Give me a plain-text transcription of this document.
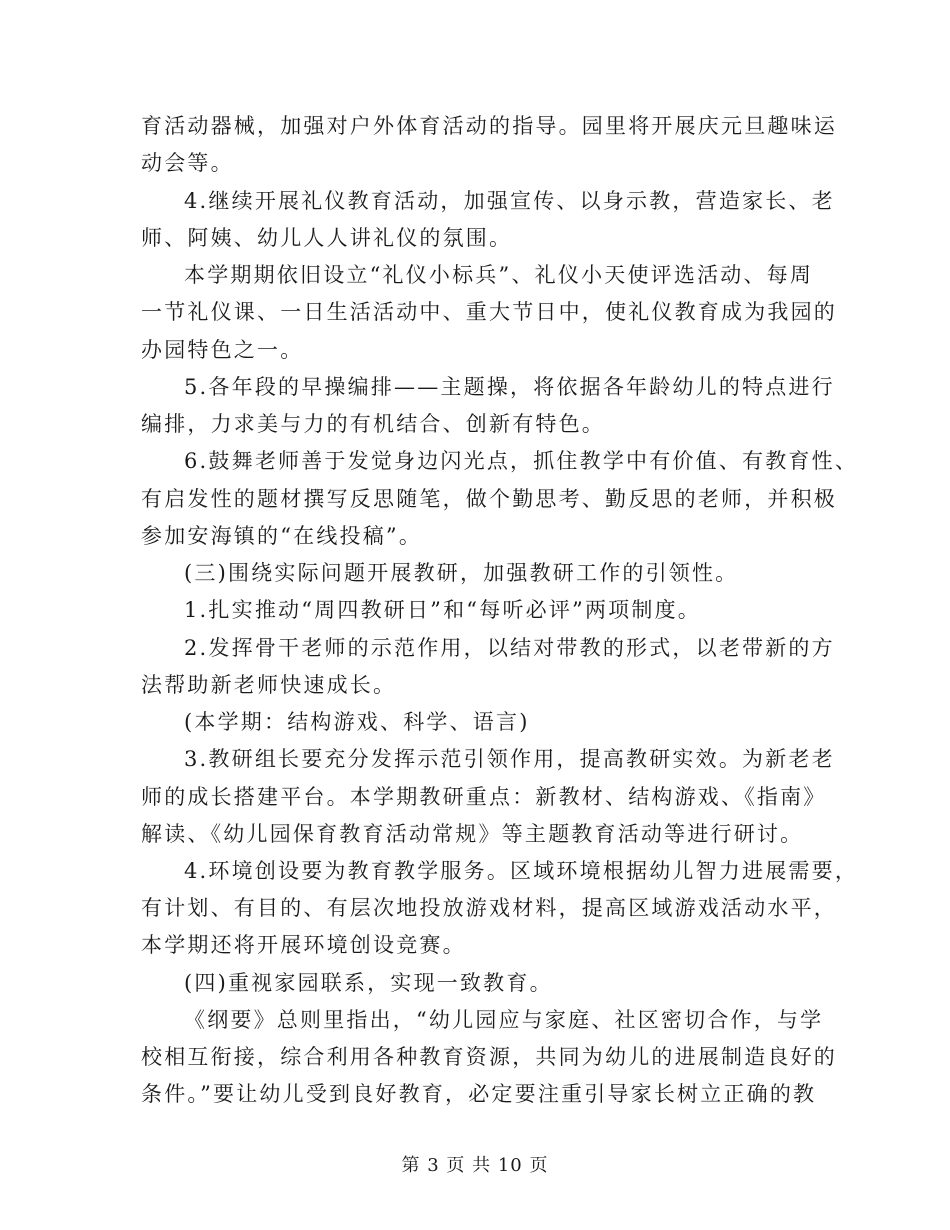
育活动器械，加强对户外体育活动的指导。园里将开展庆元旦趣味运
动会等。
4.继续开展礼仪教育活动，加强宣传、以身示教，营造家长、老
师、阿姨、幼儿人人讲礼仪的氛围。
本学期期依旧设立“礼仪小标兵”、礼仪小天使评选活动、每周
一节礼仪课、一日生活活动中、重大节日中，使礼仪教育成为我园的
办园特色之一。
5.各年段的早操编排——主题操，将依据各年龄幼儿的特点进行
编排，力求美与力的有机结合、创新有特色。
6.鼓舞老师善于发觉身边闪光点，抓住教学中有价值、有教育性、
有启发性的题材撰写反思随笔，做个勤思考、勤反思的老师，并积极
参加安海镇的“在线投稿”。
(三)围绕实际问题开展教研，加强教研工作的引领性。
1.扎实推动“周四教研日”和“每听必评”两项制度。
2.发挥骨干老师的示范作用，以结对带教的形式，以老带新的方
法帮助新老师快速成长。
(本学期：结构游戏、科学、语言)
3.教研组长要充分发挥示范引领作用，提高教研实效。为新老老
师的成长搭建平台。本学期教研重点：新教材、结构游戏、《指南》
解读、《幼儿园保育教育活动常规》等主题教育活动等进行研讨。
4.环境创设要为教育教学服务。区域环境根据幼儿智力进展需要，
有计划、有目的、有层次地投放游戏材料，提高区域游戏活动水平，
本学期还将开展环境创设竞赛。
(四)重视家园联系，实现一致教育。
《纲要》总则里指出，“幼儿园应与家庭、社区密切合作，与学
校相互衔接，综合利用各种教育资源，共同为幼儿的进展制造良好的
条件。”要让幼儿受到良好教育，必定要注重引导家长树立正确的教
第 3 页 共 10 页
